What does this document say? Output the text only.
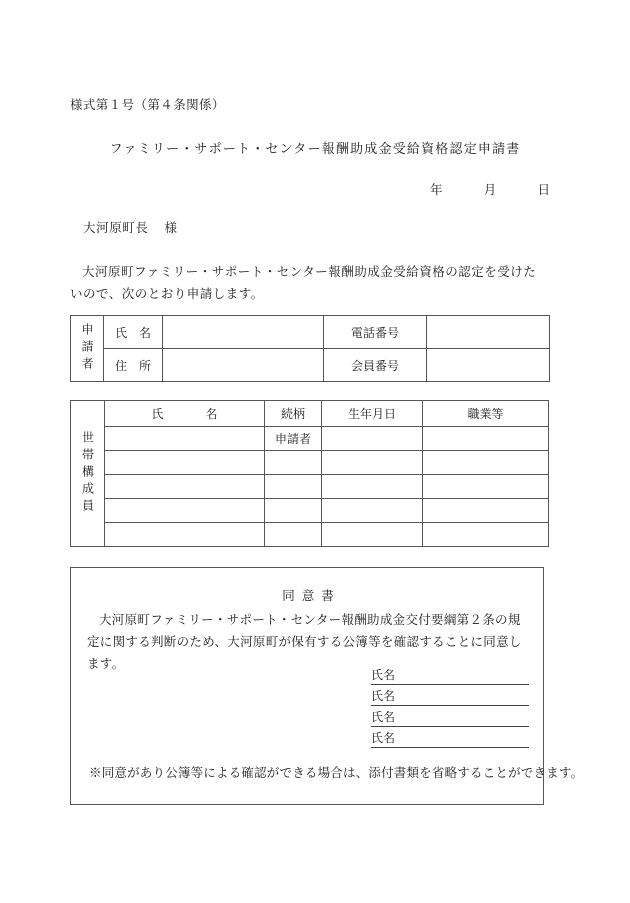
様式第１号（第４条関係）
ファミリー・サポート・センター報酬助成金受給資格認定申請書
年	月	日
大河原町長 様
大河原町ファミリー・サポート・センター報酬助成金受給資格の認定を受けたいので、次のとおり申請します。
申請者	氏　名		電話番号	
	住　所		会員番号	
世帯構成員	氏　　名	続柄	生年月日	職業等
		申請者		

同意書
大河原町ファミリー・サポート・センター報酬助成金交付要綱第２条の規定に関する判断のため、大河原町が保有する公簿等を確認することに同意します。
氏名
氏名
氏名
氏名
※同意があり公簿等による確認ができる場合は、添付書類を省略することができます。
